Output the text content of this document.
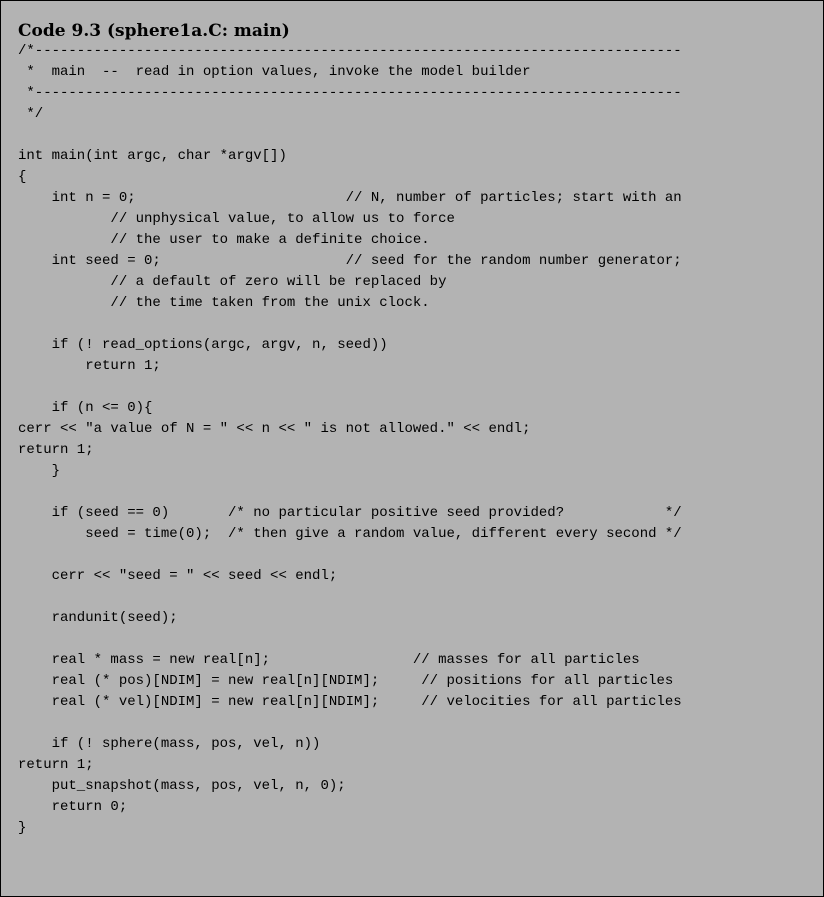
Code 9.3 (sphere1a.C: main)
/*-----------------------------------------------------------------------------
*  main  --  read in option values, invoke the model builder
*-----------------------------------------------------------------------------
*/
int main(int argc, char *argv[])
{
int n = 0;                         // N, number of particles; start with an
// unphysical value, to allow us to force
// the user to make a definite choice.
int seed = 0;                      // seed for the random number generator;
// a default of zero will be replaced by
// the time taken from the unix clock.
if (! read_options(argc, argv, n, seed))
return 1;
if (n <= 0){
cerr << "a value of N = " << n << " is not allowed." << endl;
return 1;
}
if (seed == 0)       /* no particular positive seed provided?            */
seed = time(0);  /* then give a random value, different every second */
cerr << "seed = " << seed << endl;
randunit(seed);
real * mass = new real[n];                 // masses for all particles
real (* pos)[NDIM] = new real[n][NDIM];     // positions for all particles
real (* vel)[NDIM] = new real[n][NDIM];     // velocities for all particles
if (! sphere(mass, pos, vel, n))
return 1;
put_snapshot(mass, pos, vel, n, 0);
return 0;
}
